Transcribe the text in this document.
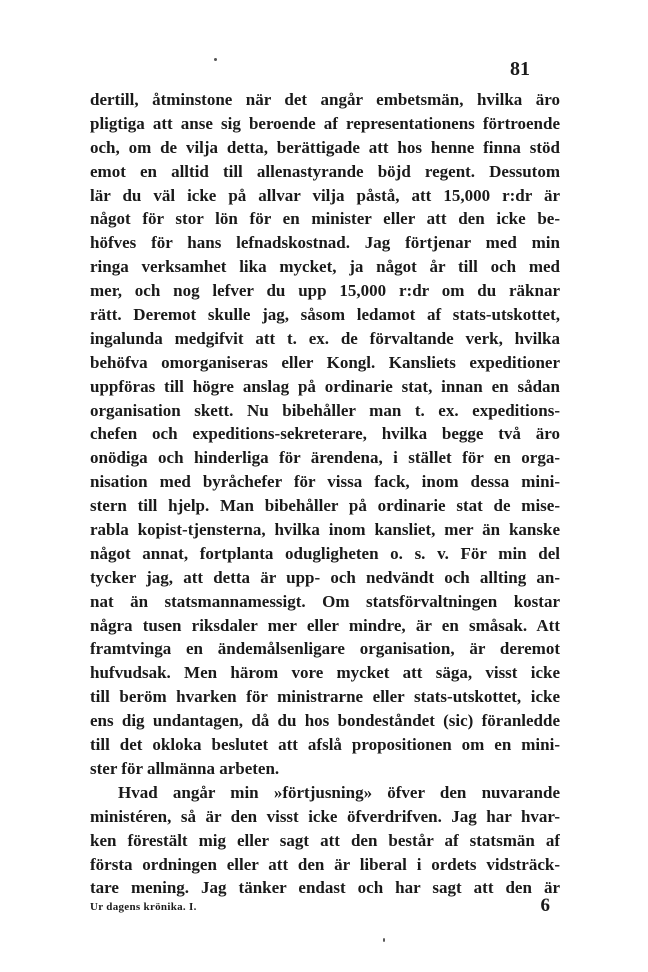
81
dertill, åtminstone när det angår embetsmän, hvilka äro
pligtiga att anse sig beroende af representationens förtroende
och, om de vilja detta, berättigade att hos henne finna stöd
emot en alltid till allenastyrande böjd regent. Dessutom
lär du väl icke på allvar vilja påstå, att 15,000 r:dr är
något för stor lön för en minister eller att den icke be-
höfves för hans lefnadskostnad. Jag förtjenar med min
ringa verksamhet lika mycket, ja något år till och med
mer, och nog lefver du upp 15,000 r:dr om du räknar
rätt. Deremot skulle jag, såsom ledamot af stats-utskottet,
ingalunda medgifvit att t. ex. de förvaltande verk, hvilka
behöfva omorganiseras eller Kongl. Kansliets expeditioner
uppföras till högre anslag på ordinarie stat, innan en sådan
organisation skett. Nu bibehåller man t. ex. expeditions-
chefen och expeditions-sekreterare, hvilka begge två äro
onödiga och hinderliga för ärendena, i stället för en orga-
nisation med byråchefer för vissa fack, inom dessa mini-
stern till hjelp. Man bibehåller på ordinarie stat de mise-
rabla kopist-tjensterna, hvilka inom kansliet, mer än kanske
något annat, fortplanta odugligheten o. s. v. För min del
tycker jag, att detta är upp- och nedvändt och allting an-
nat än statsmannamessigt. Om statsförvaltningen kostar
några tusen riksdaler mer eller mindre, är en småsak. Att
framtvinga en ändemålsenligare organisation, är deremot
hufvudsak. Men härom vore mycket att säga, visst icke
till beröm hvarken för ministrarne eller stats-utskottet, icke
ens dig undantagen, då du hos bondeståndet (sic) föranledde
till det okloka beslutet att afslå propositionen om en mini-
ster för allmänna arbeten.
Hvad angår min »förtjusning» öfver den nuvarande
ministéren, så är den visst icke öfverdrifven. Jag har hvar-
ken förestält mig eller sagt att den består af statsmän af
första ordningen eller att den är liberal i ordets vidsträck-
tare mening. Jag tänker endast och har sagt att den är
Ur dagens krönika. I.	6
